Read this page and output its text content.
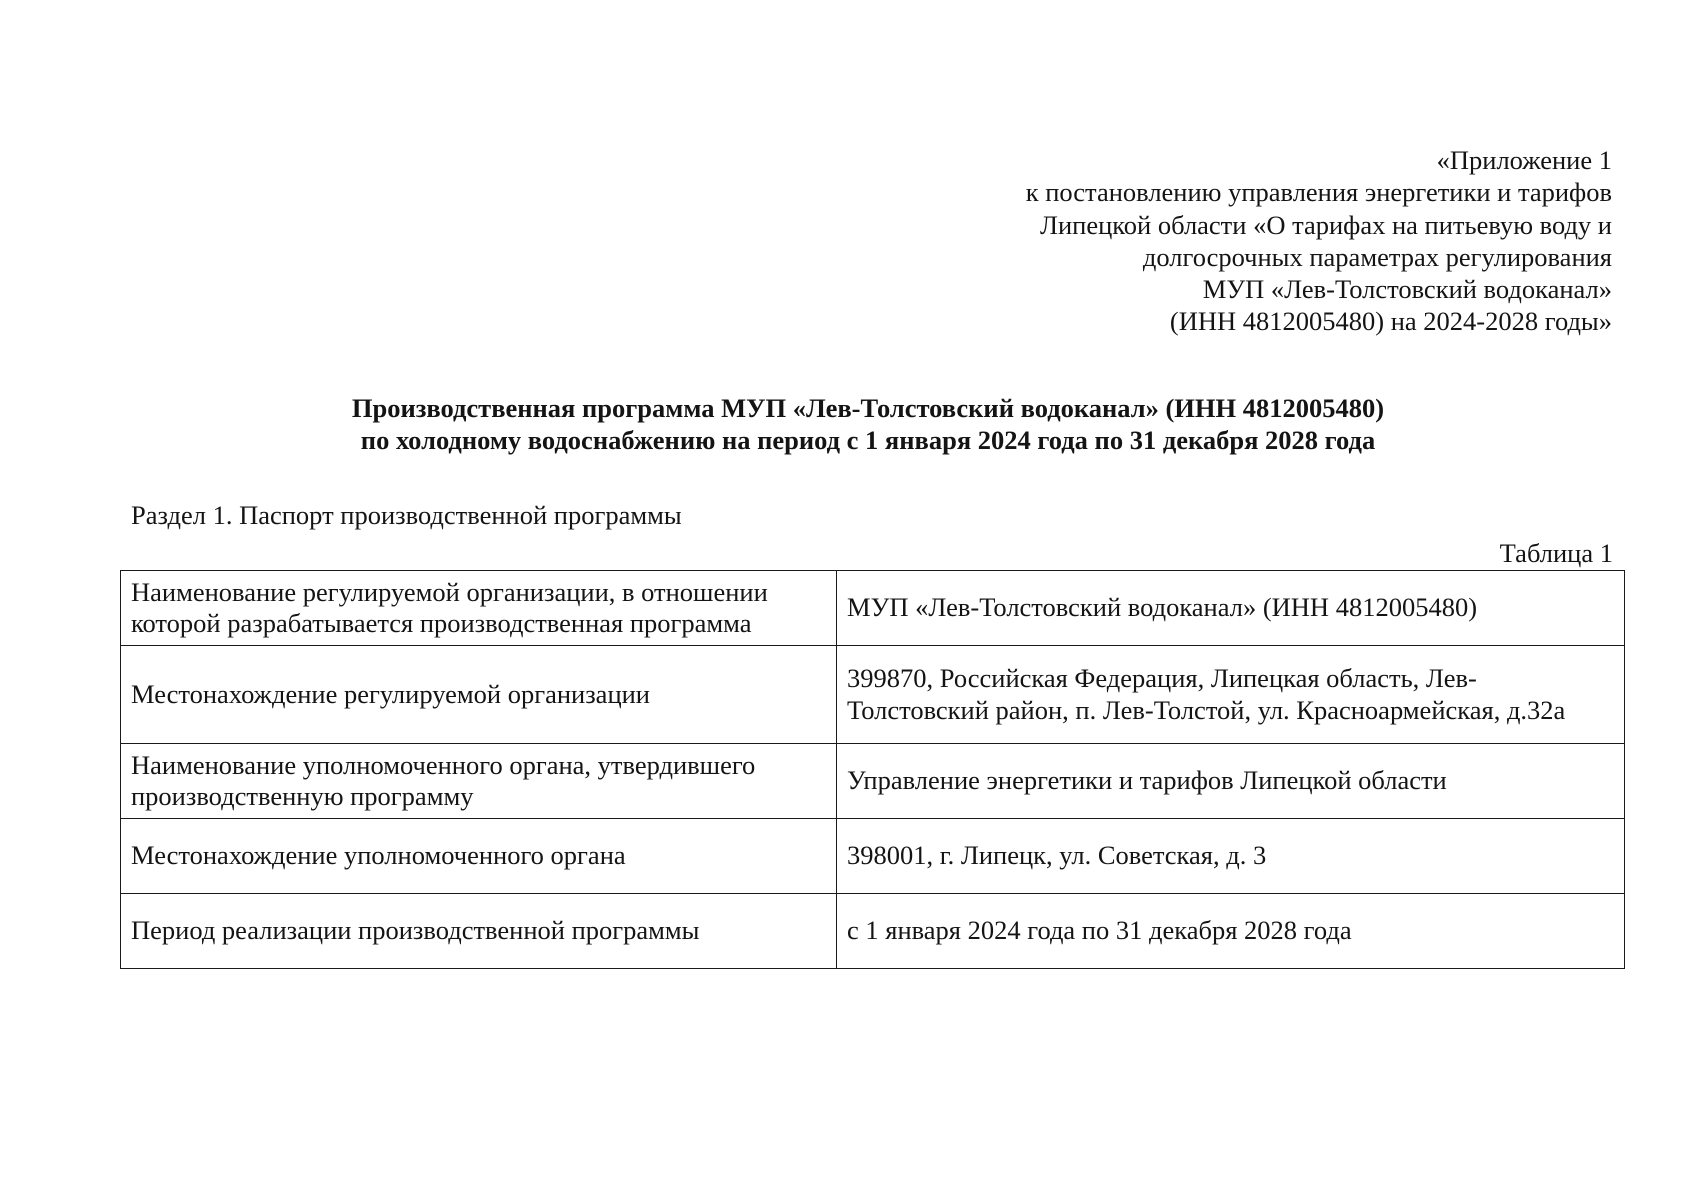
«Приложение 1
к постановлению управления энергетики и тарифов
Липецкой области «О тарифах на питьевую воду и
долгосрочных параметрах регулирования
МУП «Лев-Толстовский водоканал»
(ИНН 4812005480) на 2024-2028 годы»
Производственная программа МУП «Лев-Толстовский водоканал» (ИНН 4812005480)
по холодному водоснабжению на период с 1 января 2024 года по 31 декабря 2028 года
Раздел 1. Паспорт производственной программы
Таблица 1
Наименование регулируемой организации, в отношении которой разрабатывается производственная программа	МУП «Лев-Толстовский водоканал» (ИНН 4812005480)
Местонахождение регулируемой организации	399870, Российская Федерация, Липецкая область, Лев-Толстовский район, п. Лев-Толстой, ул. Красноармейская, д.32а
Наименование уполномоченного органа, утвердившего производственную программу	Управление энергетики и тарифов Липецкой области
Местонахождение уполномоченного органа	398001, г. Липецк, ул. Советская, д. 3
Период реализации производственной программы	с 1 января 2024 года по 31 декабря 2028 года
